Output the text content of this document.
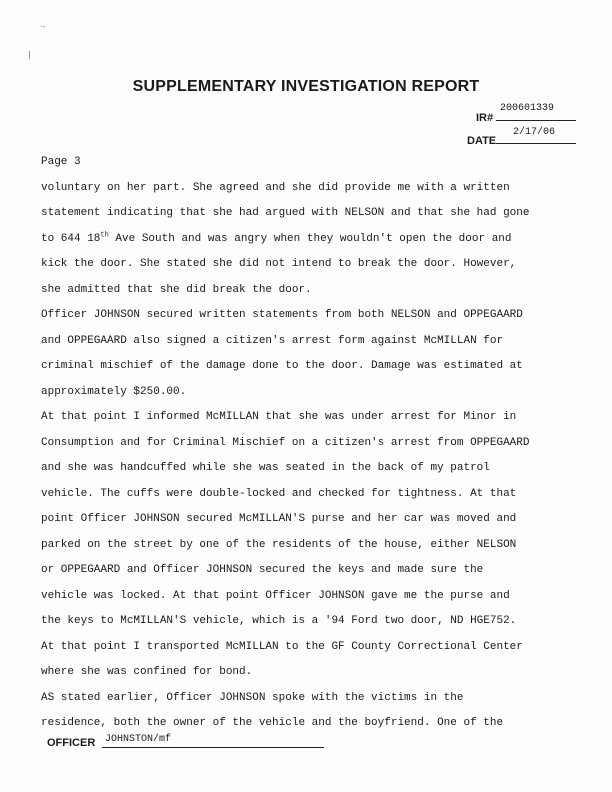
·-
|
SUPPLEMENTARY INVESTIGATION REPORT
IR#
200601339
DATE
2/17/06
Page 3
voluntary on her part. She agreed and she did provide me with a written
statement indicating that she had argued with NELSON and that she had gone
to 644 18th Ave South and was angry when they wouldn't open the door and
kick the door. She stated she did not intend to break the door. However,
she admitted that she did break the door.
Officer JOHNSON secured written statements from both NELSON and OPPEGAARD
and OPPEGAARD also signed a citizen's arrest form against McMILLAN for
criminal mischief of the damage done to the door. Damage was estimated at
approximately $250.00.
At that point I informed McMILLAN that she was under arrest for Minor in
Consumption and for Criminal Mischief on a citizen's arrest from OPPEGAARD
and she was handcuffed while she was seated in the back of my patrol
vehicle. The cuffs were double-locked and checked for tightness. At that
point Officer JOHNSON secured McMILLAN'S purse and her car was moved and
parked on the street by one of the residents of the house, either NELSON
or OPPEGAARD and Officer JOHNSON secured the keys and made sure the
vehicle was locked. At that point Officer JOHNSON gave me the purse and
the keys to McMILLAN'S vehicle, which is a '94 Ford two door, ND HGE752.
At that point I transported McMILLAN to the GF County Correctional Center
where she was confined for bond.
AS stated earlier, Officer JOHNSON spoke with the victims in the
residence, both the owner of the vehicle and the boyfriend. One of the
OFFICER JOHNSTON/mf
